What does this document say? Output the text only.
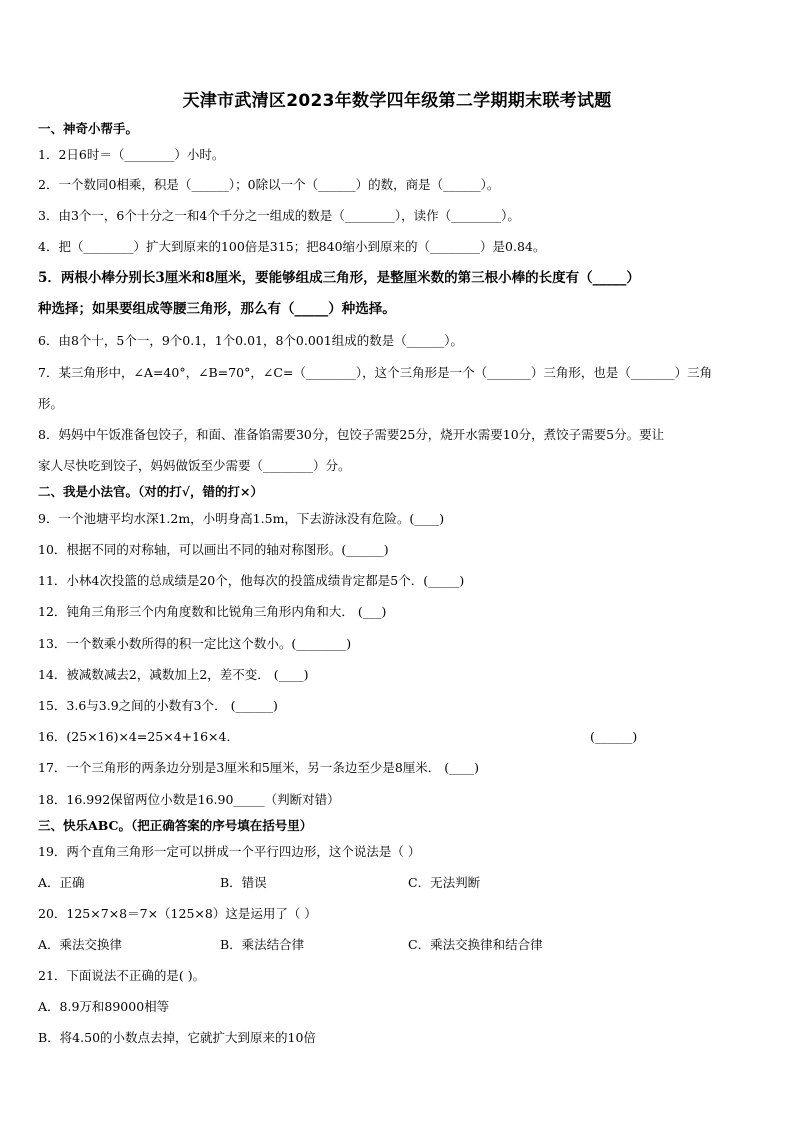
天津市武清区2023年数学四年级第二学期期末联考试题
一、神奇小帮手。
1．2日6时＝（________）小时。
2．一个数同0相乘，积是（______）；0除以一个（______）的数，商是（______）。
3．由3个一，6个十分之一和4个千分之一组成的数是（________），读作（________）。
4．把（________）扩大到原来的100倍是315；把840缩小到原来的（________）是0.84。
5．两根小棒分别长3厘米和8厘米，要能够组成三角形，是整厘米数的第三根小棒的长度有（_____）
种选择；如果要组成等腰三角形，那么有（_____）种选择。
6．由8个十，5个一，9个0.1，1个0.01，8个0.001组成的数是（______）。
7．某三角形中，∠A=40°，∠B=70°，∠C=（________），这个三角形是一个（_______）三角形，也是（_______）三角
形。
8．妈妈中午饭准备包饺子，和面、准备馅需要30分，包饺子需要25分，烧开水需要10分，煮饺子需要5分。要让
家人尽快吃到饺子，妈妈做饭至少需要（________）分。
二、我是小法官。（对的打√，错的打×）
9．一个池塘平均水深1.2m，小明身高1.5m，下去游泳没有危险。(____)
10．根据不同的对称轴，可以画出不同的轴对称图形。(______)
11．小林4次投篮的总成绩是20个，他每次的投篮成绩肯定都是5个．(_____)
12．钝角三角形三个内角度数和比锐角三角形内角和大． (___)
13．一个数乘小数所得的积一定比这个数小。(________)
14．被减数减去2，减数加上2，差不变． (____)
15．3.6与3.9之间的小数有3个． (______)
16．(25×16)×4=25×4+16×4．	(______)
17．一个三角形的两条边分别是3厘米和5厘米，另一条边至少是8厘米． (____)
18．16.992保留两位小数是16.90_____（判断对错）
三、快乐ABC。（把正确答案的序号填在括号里）
19．两个直角三角形一定可以拼成一个平行四边形，这个说法是（ ）
A．正确	B．错误	C．无法判断
20．125×7×8＝7×（125×8）这是运用了（ ）
A．乘法交换律	B．乘法结合律	C．乘法交换律和结合律
21．下面说法不正确的是( )。
A．8.9万和89000相等
B．将4.50的小数点去掉，它就扩大到原来的10倍
